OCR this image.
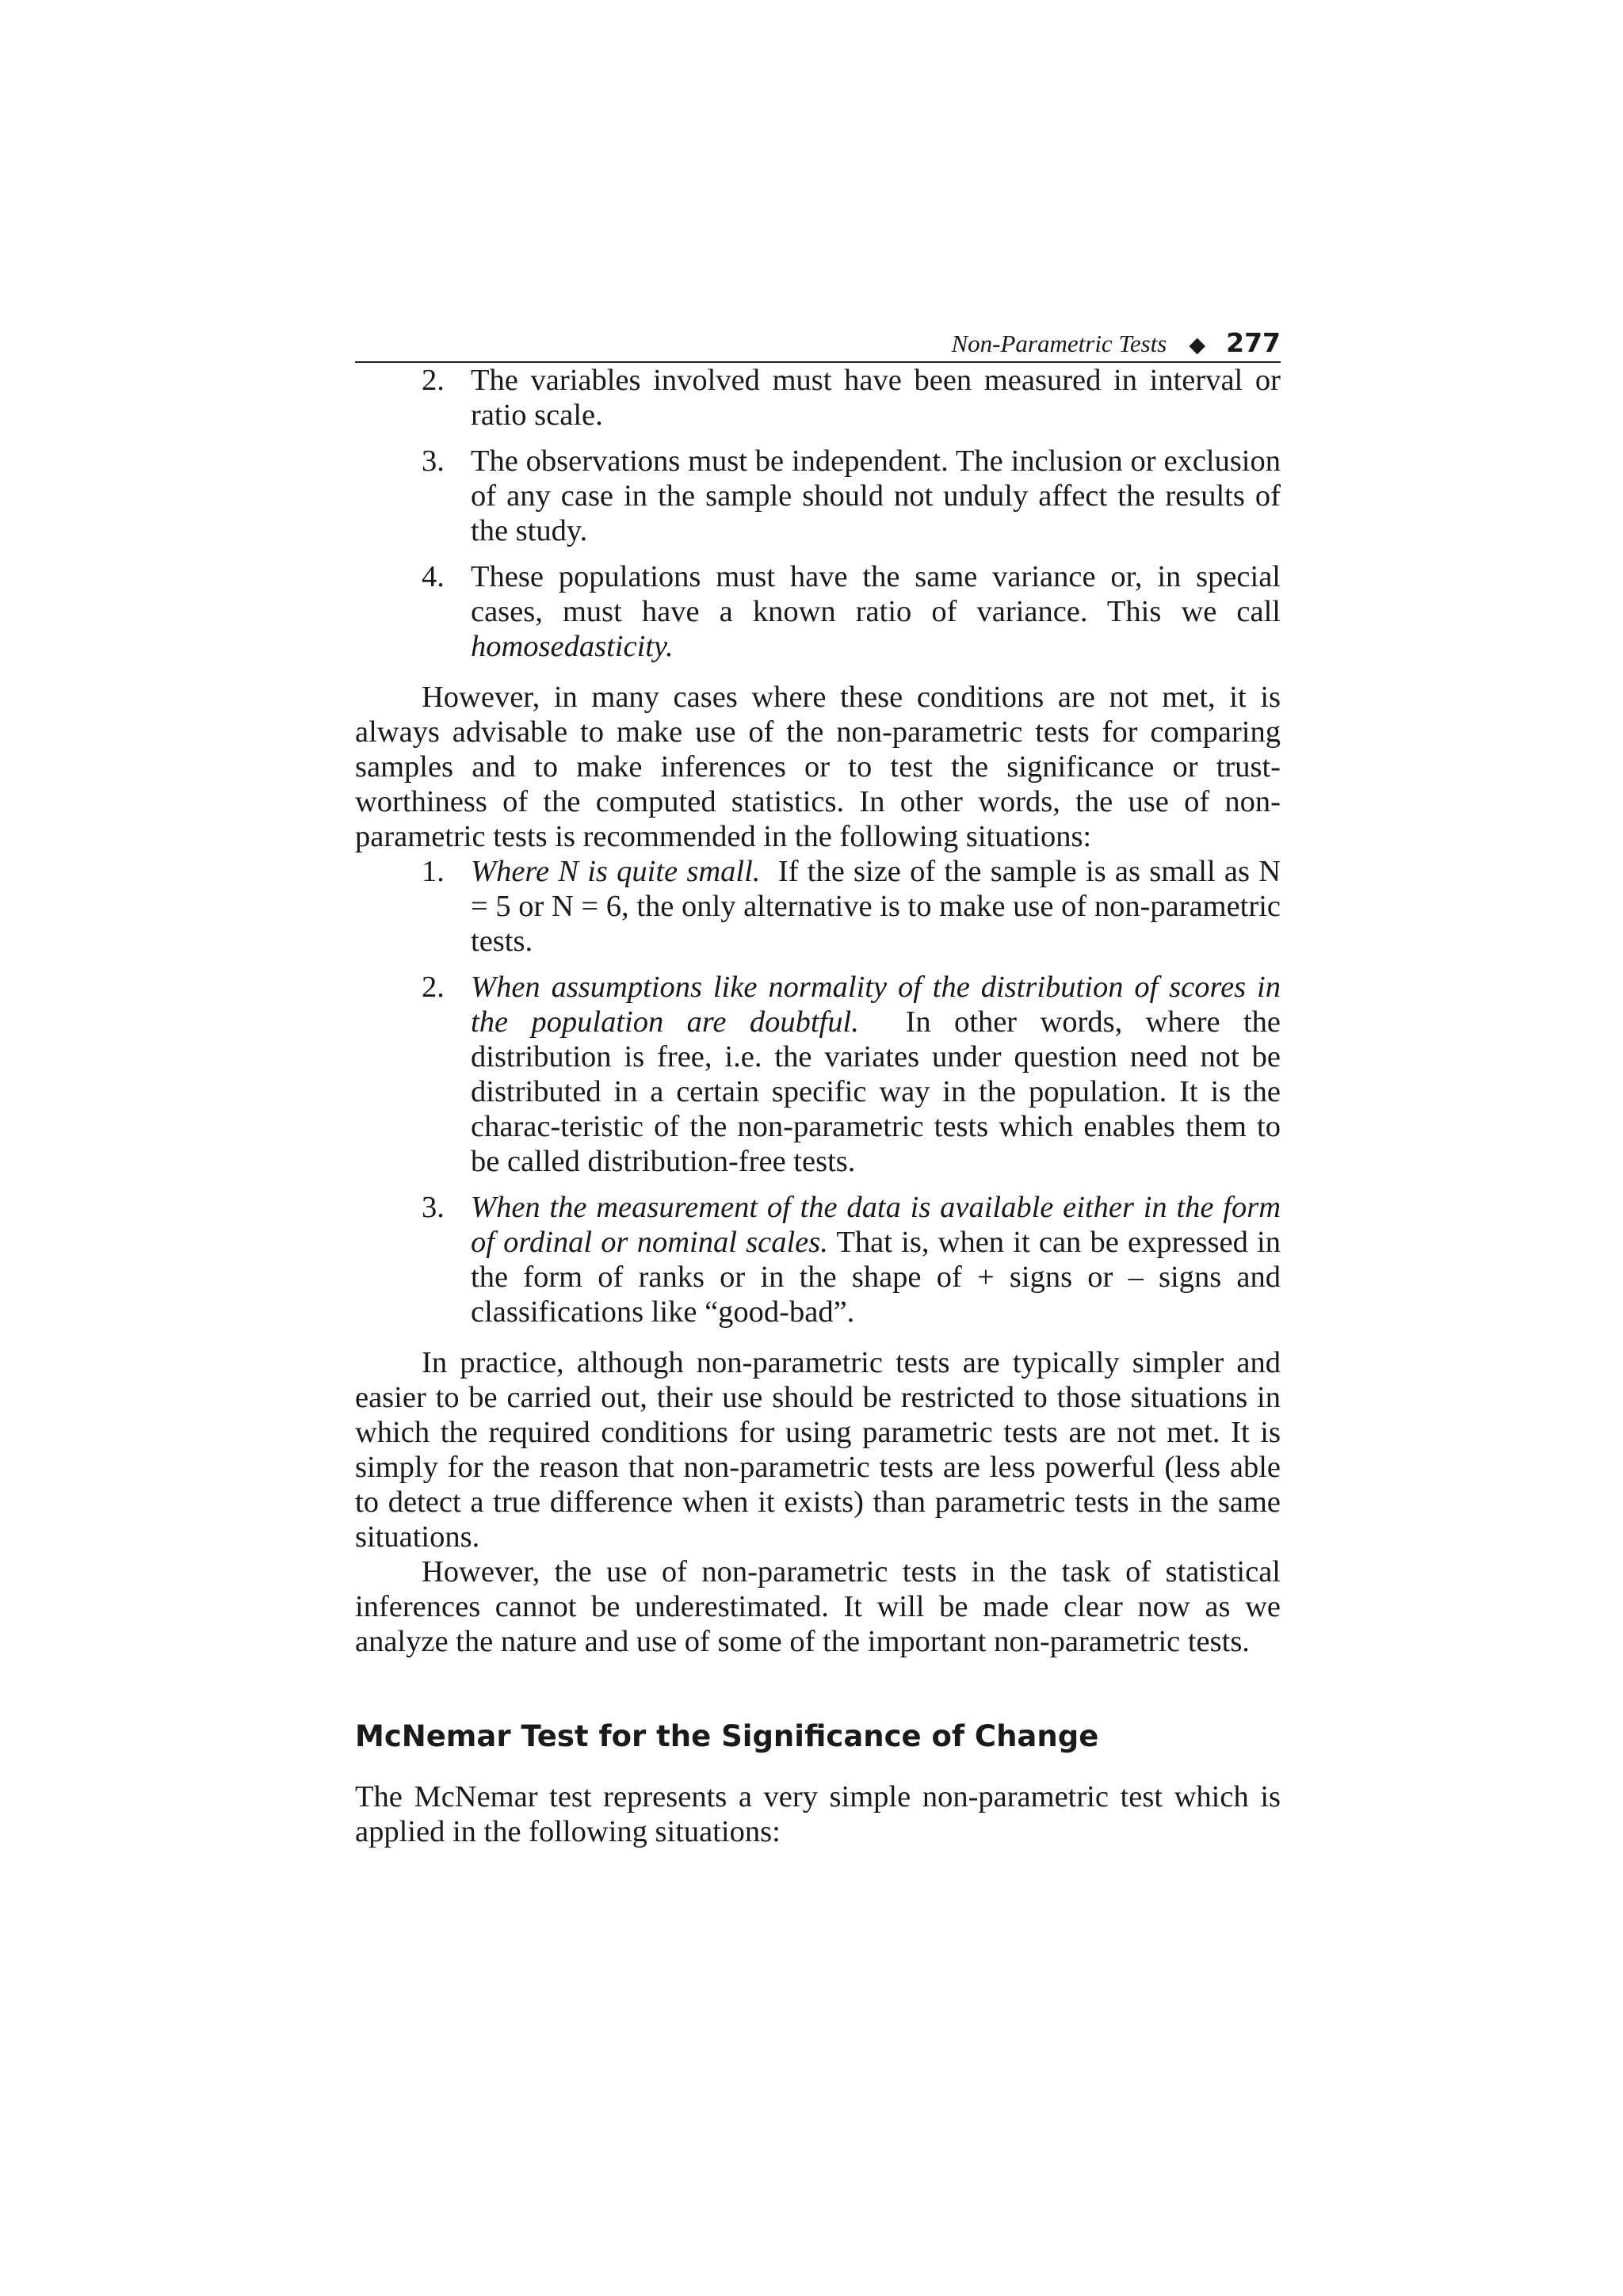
Non-Parametric Tests ◆ 277
2. The variables involved must have been measured in interval or ratio scale.
3. The observations must be independent. The inclusion or exclusion of any case in the sample should not unduly affect the results of the study.
4. These populations must have the same variance or, in special cases, must have a known ratio of variance. This we call homosedasticity.

However, in many cases where these conditions are not met, it is always advisable to make use of the non-parametric tests for comparing samples and to make inferences or to test the significance or trust-worthiness of the computed statistics. In other words, the use of non-parametric tests is recommended in the following situations:

1. Where N is quite small. If the size of the sample is as small as N = 5 or N = 6, the only alternative is to make use of non-parametric tests.
2. When assumptions like normality of the distribution of scores in the population are doubtful. In other words, where the distribution is free, i.e. the variates under question need not be distributed in a certain specific way in the population. It is the charac-teristic of the non-parametric tests which enables them to be called distribution-free tests.
3. When the measurement of the data is available either in the form of ordinal or nominal scales. That is, when it can be expressed in the form of ranks or in the shape of + signs or – signs and classifications like “good-bad”.

In practice, although non-parametric tests are typically simpler and easier to be carried out, their use should be restricted to those situations in which the required conditions for using parametric tests are not met. It is simply for the reason that non-parametric tests are less powerful (less able to detect a true difference when it exists) than parametric tests in the same situations.

However, the use of non-parametric tests in the task of statistical inferences cannot be underestimated. It will be made clear now as we analyze the nature and use of some of the important non-parametric tests.

McNemar Test for the Significance of Change

The McNemar test represents a very simple non-parametric test which is applied in the following situations:
